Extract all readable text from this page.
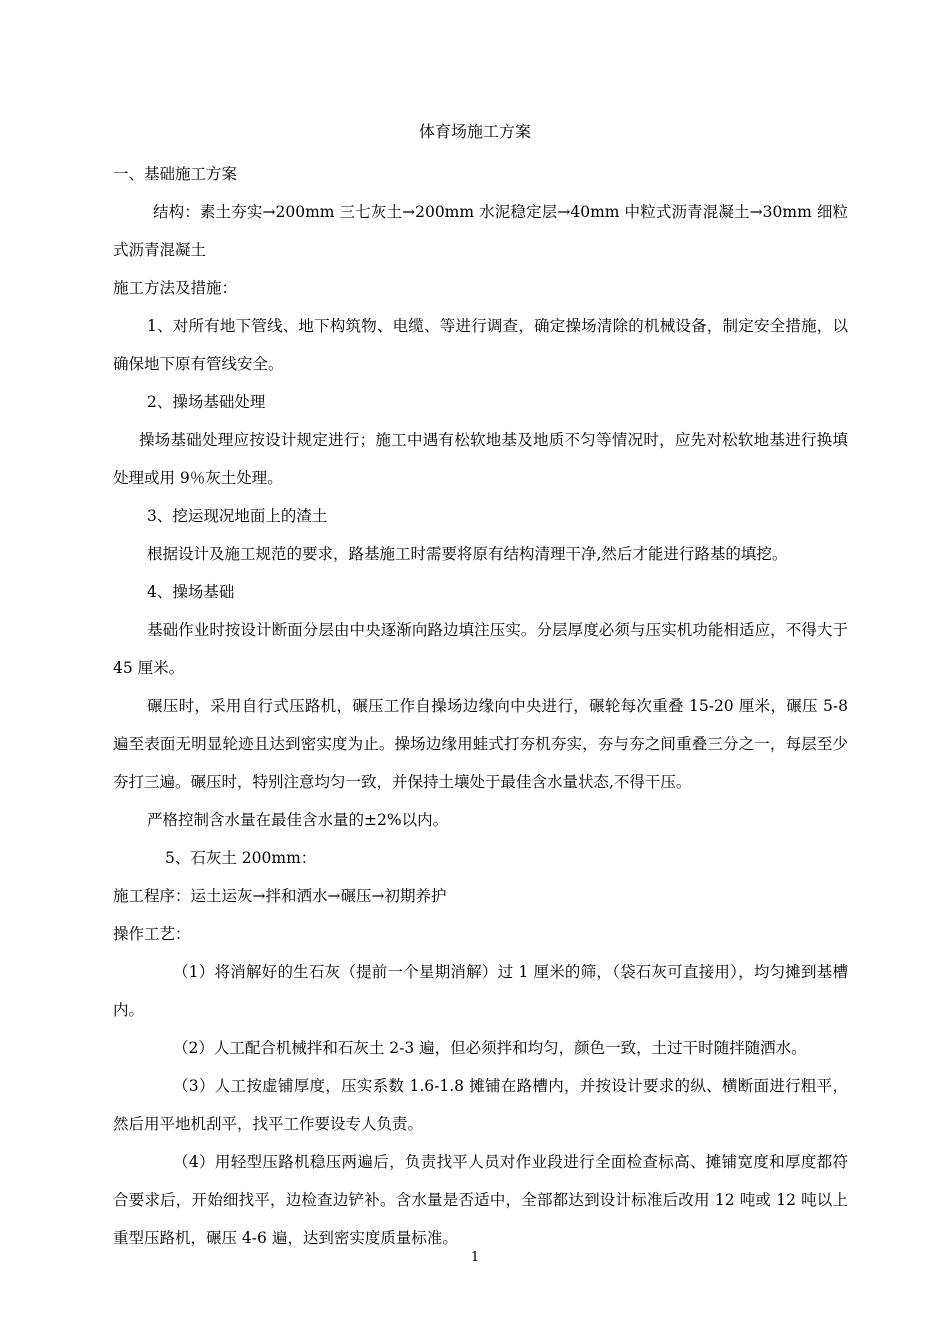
体育场施工方案

一、基础施工方案

结构：素土夯实→200mm 三七灰土→200mm 水泥稳定层→40mm 中粒式沥青混凝土→30mm 细粒式沥青混凝土

施工方法及措施：

1、对所有地下管线、地下构筑物、电缆、等进行调查，确定操场清除的机械设备，制定安全措施，以确保地下原有管线安全。

2、操场基础处理

操场基础处理应按设计规定进行；施工中遇有松软地基及地质不匀等情况时，应先对松软地基进行换填处理或用 9％灰土处理。

3、挖运现况地面上的渣土

根据设计及施工规范的要求，路基施工时需要将原有结构清理干净,然后才能进行路基的填挖。

4、操场基础

基础作业时按设计断面分层由中央逐渐向路边填注压实。分层厚度必须与压实机功能相适应，不得大于 45 厘米。

碾压时，采用自行式压路机，碾压工作自操场边缘向中央进行，碾轮每次重叠 15-20 厘米，碾压 5-8 遍至表面无明显轮迹且达到密实度为止。操场边缘用蛙式打夯机夯实，夯与夯之间重叠三分之一，每层至少夯打三遍。碾压时，特别注意均匀一致，并保持土壤处于最佳含水量状态,不得干压。

严格控制含水量在最佳含水量的±2%以内。

5、石灰土 200mm：

施工程序：运土运灰→拌和洒水→碾压→初期养护

操作工艺：

（1）将消解好的生石灰（提前一个星期消解）过 1 厘米的筛，（袋石灰可直接用），均匀摊到基槽内。

（2）人工配合机械拌和石灰土 2-3 遍，但必须拌和均匀，颜色一致，土过干时随拌随洒水。

（3）人工按虚铺厚度，压实系数 1.6-1.8 摊铺在路槽内，并按设计要求的纵、横断面进行粗平，然后用平地机刮平，找平工作要设专人负责。

（4）用轻型压路机稳压两遍后，负责找平人员对作业段进行全面检查标高、摊铺宽度和厚度都符合要求后，开始细找平，边检查边铲补。含水量是否适中，全部都达到设计标准后改用 12 吨或 12 吨以上重型压路机，碾压 4-6 遍，达到密实度质量标准。

1
